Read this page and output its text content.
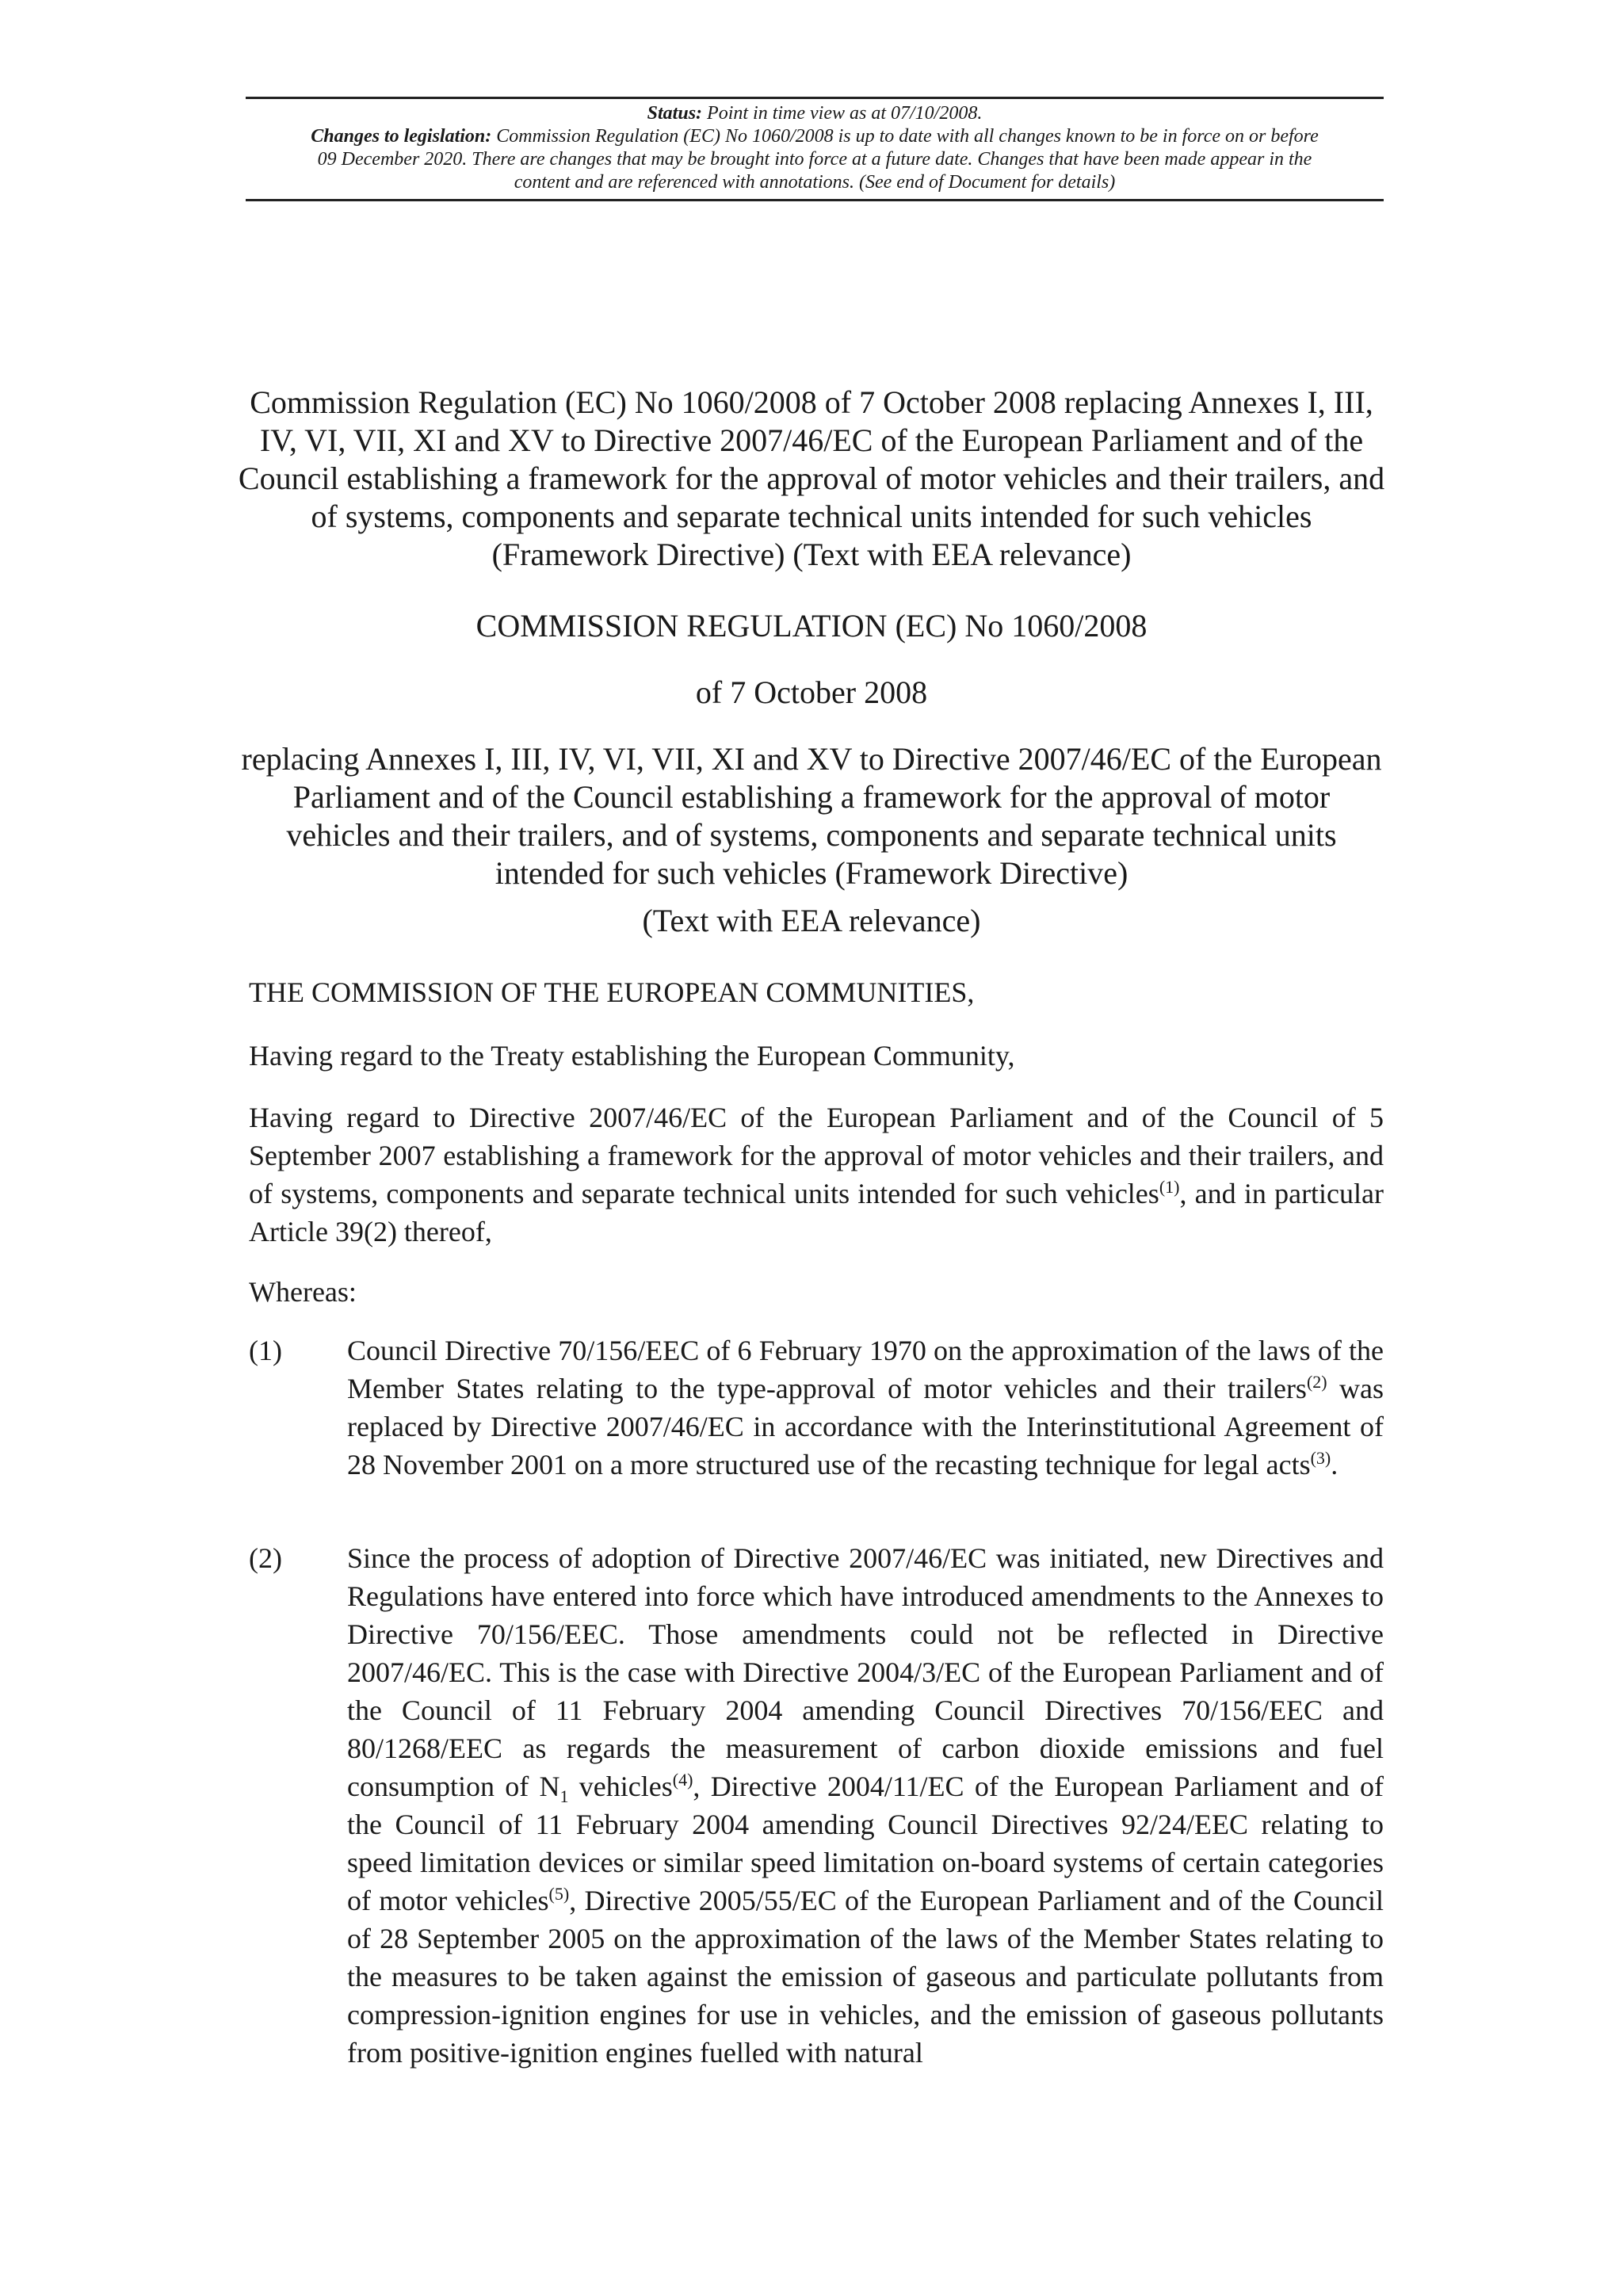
Status: Point in time view as at 07/10/2008.
Changes to legislation: Commission Regulation (EC) No 1060/2008 is up to date with all changes known to be in force on or before 09 December 2020. There are changes that may be brought into force at a future date. Changes that have been made appear in the content and are referenced with annotations. (See end of Document for details)
Commission Regulation (EC) No 1060/2008 of 7 October 2008 replacing Annexes I, III, IV, VI, VII, XI and XV to Directive 2007/46/EC of the European Parliament and of the Council establishing a framework for the approval of motor vehicles and their trailers, and of systems, components and separate technical units intended for such vehicles (Framework Directive) (Text with EEA relevance)
COMMISSION REGULATION (EC) No 1060/2008
of 7 October 2008
replacing Annexes I, III, IV, VI, VII, XI and XV to Directive 2007/46/EC of the European Parliament and of the Council establishing a framework for the approval of motor vehicles and their trailers, and of systems, components and separate technical units intended for such vehicles (Framework Directive)
(Text with EEA relevance)
THE COMMISSION OF THE EUROPEAN COMMUNITIES,
Having regard to the Treaty establishing the European Community,
Having regard to Directive 2007/46/EC of the European Parliament and of the Council of 5 September 2007 establishing a framework for the approval of motor vehicles and their trailers, and of systems, components and separate technical units intended for such vehicles$^{(1)}$, and in particular Article 39(2) thereof,
Whereas:
(1) Council Directive 70/156/EEC of 6 February 1970 on the approximation of the laws of the Member States relating to the type-approval of motor vehicles and their trailers$^{(2)}$ was replaced by Directive 2007/46/EC in accordance with the Interinstitutional Agreement of 28 November 2001 on a more structured use of the recasting technique for legal acts$^{(3)}$.
(2) Since the process of adoption of Directive 2007/46/EC was initiated, new Directives and Regulations have entered into force which have introduced amendments to the Annexes to Directive 70/156/EEC. Those amendments could not be reflected in Directive 2007/46/EC. This is the case with Directive 2004/3/EC of the European Parliament and of the Council of 11 February 2004 amending Council Directives 70/156/EEC and 80/1268/EEC as regards the measurement of carbon dioxide emissions and fuel consumption of $N_1$ vehicles$^{(4)}$, Directive 2004/11/EC of the European Parliament and of the Council of 11 February 2004 amending Council Directives 92/24/EEC relating to speed limitation devices or similar speed limitation on-board systems of certain categories of motor vehicles$^{(5)}$, Directive 2005/55/EC of the European Parliament and of the Council of 28 September 2005 on the approximation of the laws of the Member States relating to the measures to be taken against the emission of gaseous and particulate pollutants from compression-ignition engines for use in vehicles, and the emission of gaseous pollutants from positive-ignition engines fuelled with natural
